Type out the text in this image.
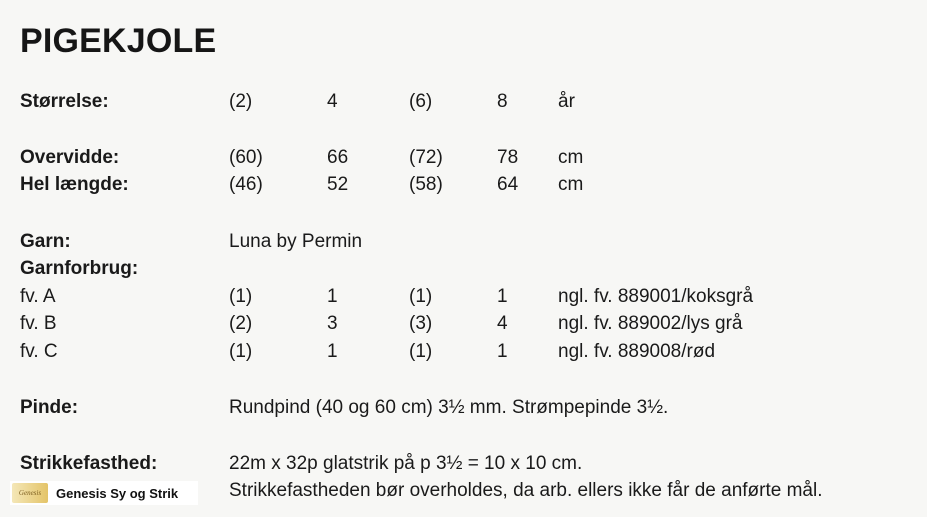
PIGEKJOLE
Størrelse:	(2)	4	(6)	8	år
Overvidde:	(60)	66	(72)	78 cm
Hel længde:	(46)	52	(58)	64 cm
Garn:	Luna by Permin
Garnforbrug:
fv. A	(1)	1	(1)	1	ngl. fv. 889001/koksgrå
fv. B	(2)	3	(3)	4	ngl. fv. 889002/lys grå
fv. C	(1)	1	(1)	1	ngl. fv. 889008/rød
Pinde:	Rundpind (40 og 60 cm) 3½ mm. Strømpepinde 3½.
Strikkefasthed:	22m x 32p glatstrik på p 3½ = 10 x 10 cm.
Strikkefastheden bør overholdes, da arb. ellers ikke får de anførte mål.
Genesis	Genesis Sy og Strik
